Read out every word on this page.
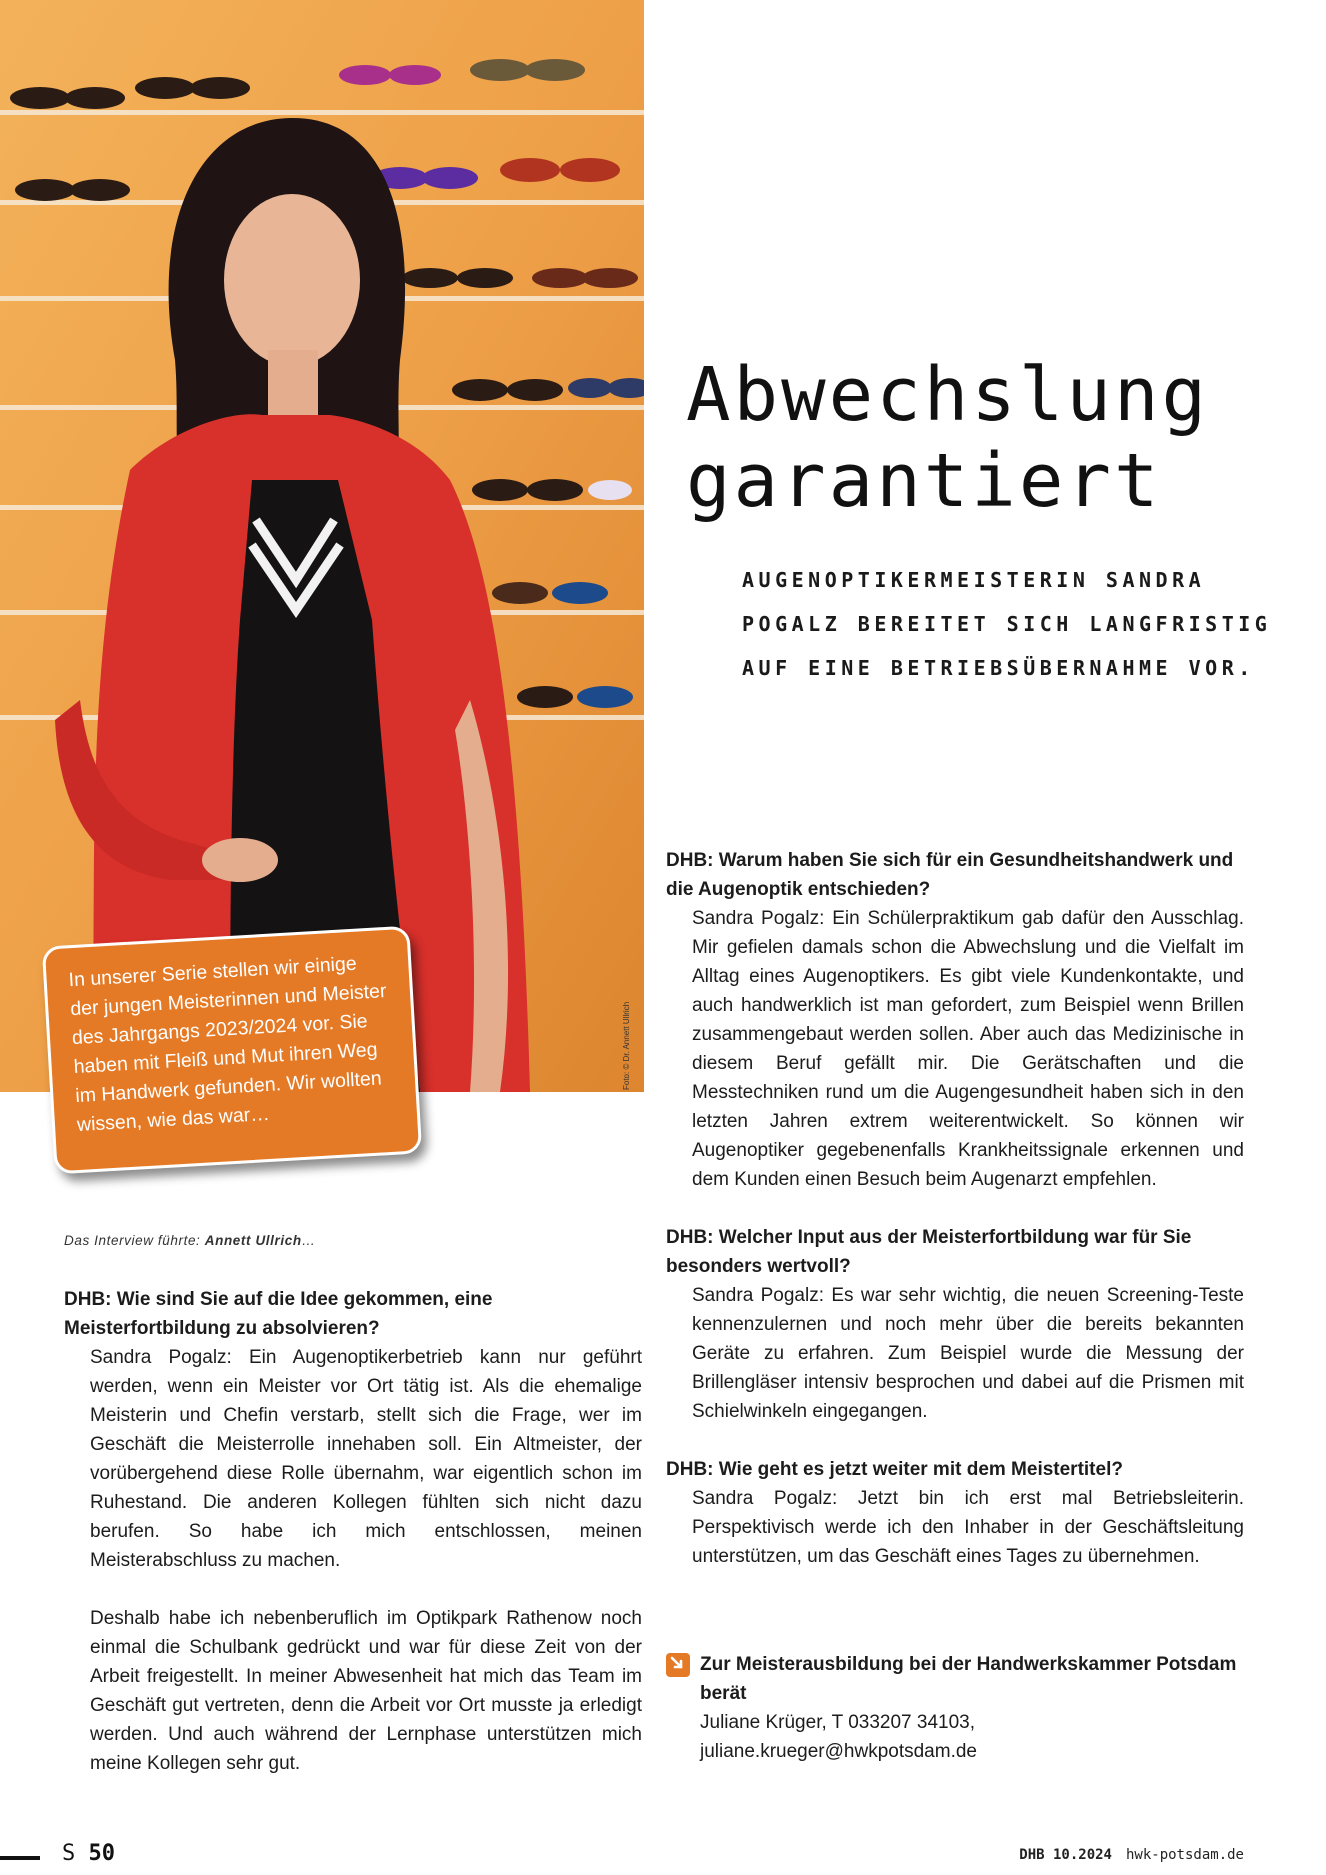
Foto: © Dr. Annett Ullrich
Abwechslung
garantiert

AUGENOPTIKERMEISTERIN SANDRA POGALZ BEREITET SICH LANGFRISTIG AUF EINE BETRIEBSÜBERNAHME VOR.

In unserer Serie stellen wir einige der jungen Meisterinnen und Meister des Jahrgangs 2023/2024 vor. Sie haben mit Fleiß und Mut ihren Weg im Handwerk gefunden. Wir wollten wissen, wie das war…

Das Interview führte: Annett Ullrich…

DHB: Wie sind Sie auf die Idee gekommen, eine Meisterfortbildung zu absolvieren?

Sandra Pogalz: Ein Augenoptikerbetrieb kann nur geführt werden, wenn ein Meister vor Ort tätig ist. Als die ehemalige Meisterin und Chefin verstarb, stellt sich die Frage, wer im Geschäft die Meisterrolle innehaben soll. Ein Altmeister, der vorübergehend diese Rolle übernahm, war eigentlich schon im Ruhestand. Die anderen Kollegen fühlten sich nicht dazu berufen. So habe ich mich entschlossen, meinen Meisterabschluss zu machen.

Deshalb habe ich nebenberuflich im Optikpark Rathenow noch einmal die Schulbank gedrückt und war für diese Zeit von der Arbeit freigestellt. In meiner Abwesenheit hat mich das Team im Geschäft gut vertreten, denn die Arbeit vor Ort musste ja erledigt werden. Und auch während der Lernphase unterstützen mich meine Kollegen sehr gut.

DHB: Warum haben Sie sich für ein Gesundheitshandwerk und die Augenoptik entschieden?

Sandra Pogalz: Ein Schülerpraktikum gab dafür den Ausschlag. Mir gefielen damals schon die Abwechslung und die Vielfalt im Alltag eines Augenoptikers. Es gibt viele Kundenkontakte, und auch handwerklich ist man gefordert, zum Beispiel wenn Brillen zusammengebaut werden sollen. Aber auch das Medizinische in diesem Beruf gefällt mir. Die Gerätschaften und die Messtechniken rund um die Augengesundheit haben sich in den letzten Jahren extrem weiterentwickelt. So können wir Augenoptiker gegebenenfalls Krankheitssignale erkennen und dem Kunden einen Besuch beim Augenarzt empfehlen.

DHB: Welcher Input aus der Meisterfortbildung war für Sie besonders wertvoll?

Sandra Pogalz: Es war sehr wichtig, die neuen Screening-Teste kennenzulernen und noch mehr über die bereits bekannten Geräte zu erfahren. Zum Beispiel wurde die Messung der Brillengläser intensiv besprochen und dabei auf die Prismen mit Schielwinkeln eingegangen.

DHB: Wie geht es jetzt weiter mit dem Meistertitel?

Sandra Pogalz: Jetzt bin ich erst mal Betriebsleiterin. Perspektivisch werde ich den Inhaber in der Geschäftsleitung unterstützen, um das Geschäft eines Tages zu übernehmen.

Zur Meisterausbildung bei der Handwerkskammer Potsdam berät
Juliane Krüger, T 033207 34103,
juliane.krueger@hwkpotsdam.de
S 50	DHB 10.2024 hwk-potsdam.de
